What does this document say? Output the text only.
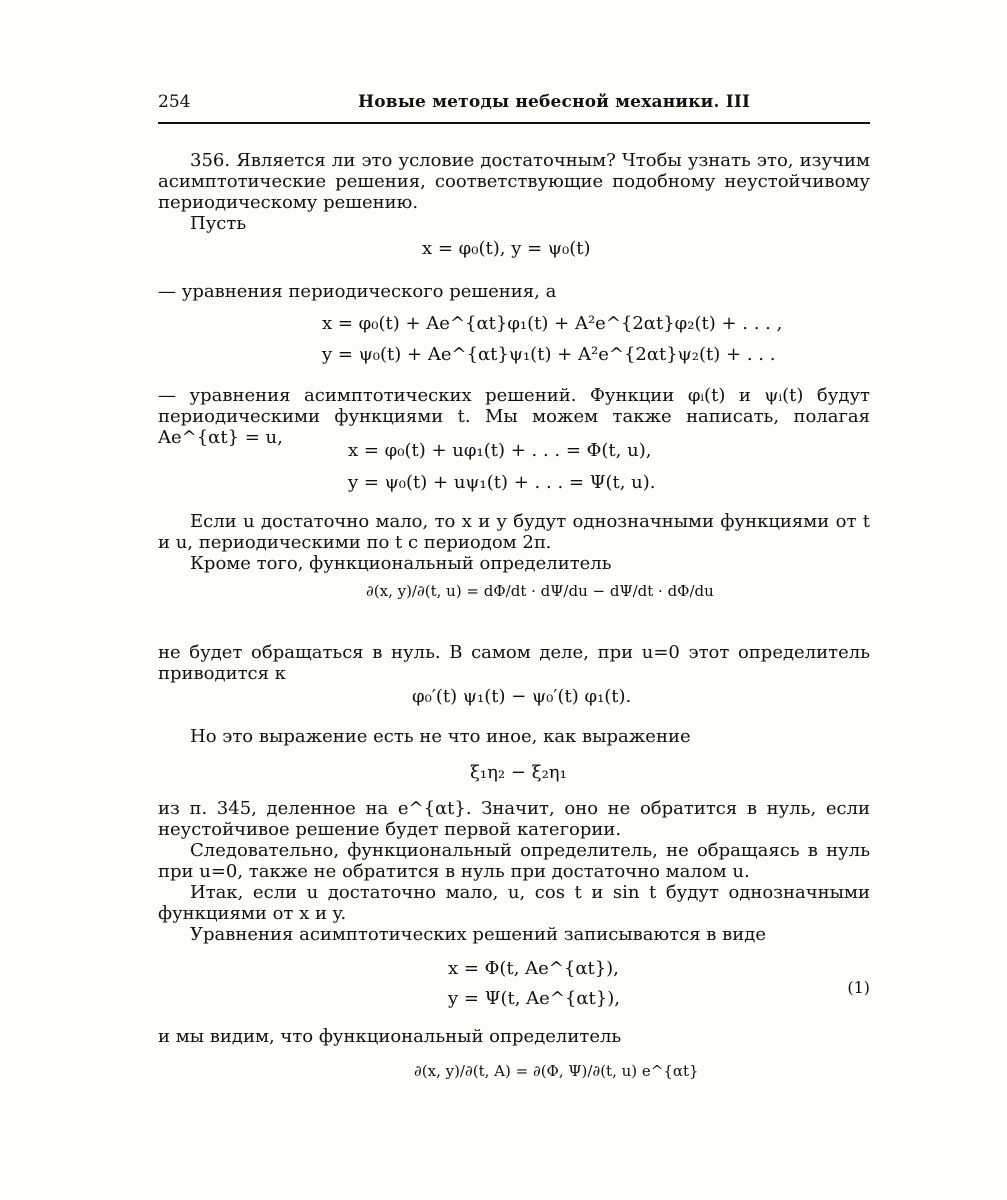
254	Новые методы небесной механики. III

356. Является ли это условие достаточным? Чтобы узнать это, изучим асимптотические решения, соответствующие подобному неустойчивому периодическому решению.

Пусть

x = φ₀(t), y = ψ₀(t)

— уравнения периодического решения, а

x = φ₀(t) + Ae^{αt}φ₁(t) + A²e^{2αt}φ₂(t) + . . . ,
y = ψ₀(t) + Ae^{αt}ψ₁(t) + A²e^{2αt}ψ₂(t) + . . .

— уравнения асимптотических решений. Функции φᵢ(t) и ψᵢ(t) будут периодическими функциями t. Мы можем также написать, полагая Ae^{αt} = u,

x = φ₀(t) + uφ₁(t) + . . . = Φ(t, u),
y = ψ₀(t) + uψ₁(t) + . . . = Ψ(t, u).

Если u достаточно мало, то x и y будут однозначными функциями от t и u, периодическими по t с периодом 2π.

Кроме того, функциональный определитель

∂(x, y)/∂(t, u) = dΦ/dt · dΨ/du − dΨ/dt · dΦ/du

не будет обращаться в нуль. В самом деле, при u=0 этот определитель приводится к

φ₀′(t) ψ₁(t) − ψ₀′(t) φ₁(t).

Но это выражение есть не что иное, как выражение

ξ₁η₂ − ξ₂η₁

из п. 345, деленное на e^{αt}. Значит, оно не обратится в нуль, если неустойчивое решение будет первой категории.

Следовательно, функциональный определитель, не обращаясь в нуль при u=0, также не обратится в нуль при достаточно малом u.

Итак, если u достаточно мало, u, cos t и sin t будут однозначными функциями от x и y.

Уравнения асимптотических решений записываются в виде

x = Φ(t, Ae^{αt}),
y = Ψ(t, Ae^{αt}),
(1)

и мы видим, что функциональный определитель

∂(x, y)/∂(t, A) = ∂(Φ, Ψ)/∂(t, u) e^{αt}
